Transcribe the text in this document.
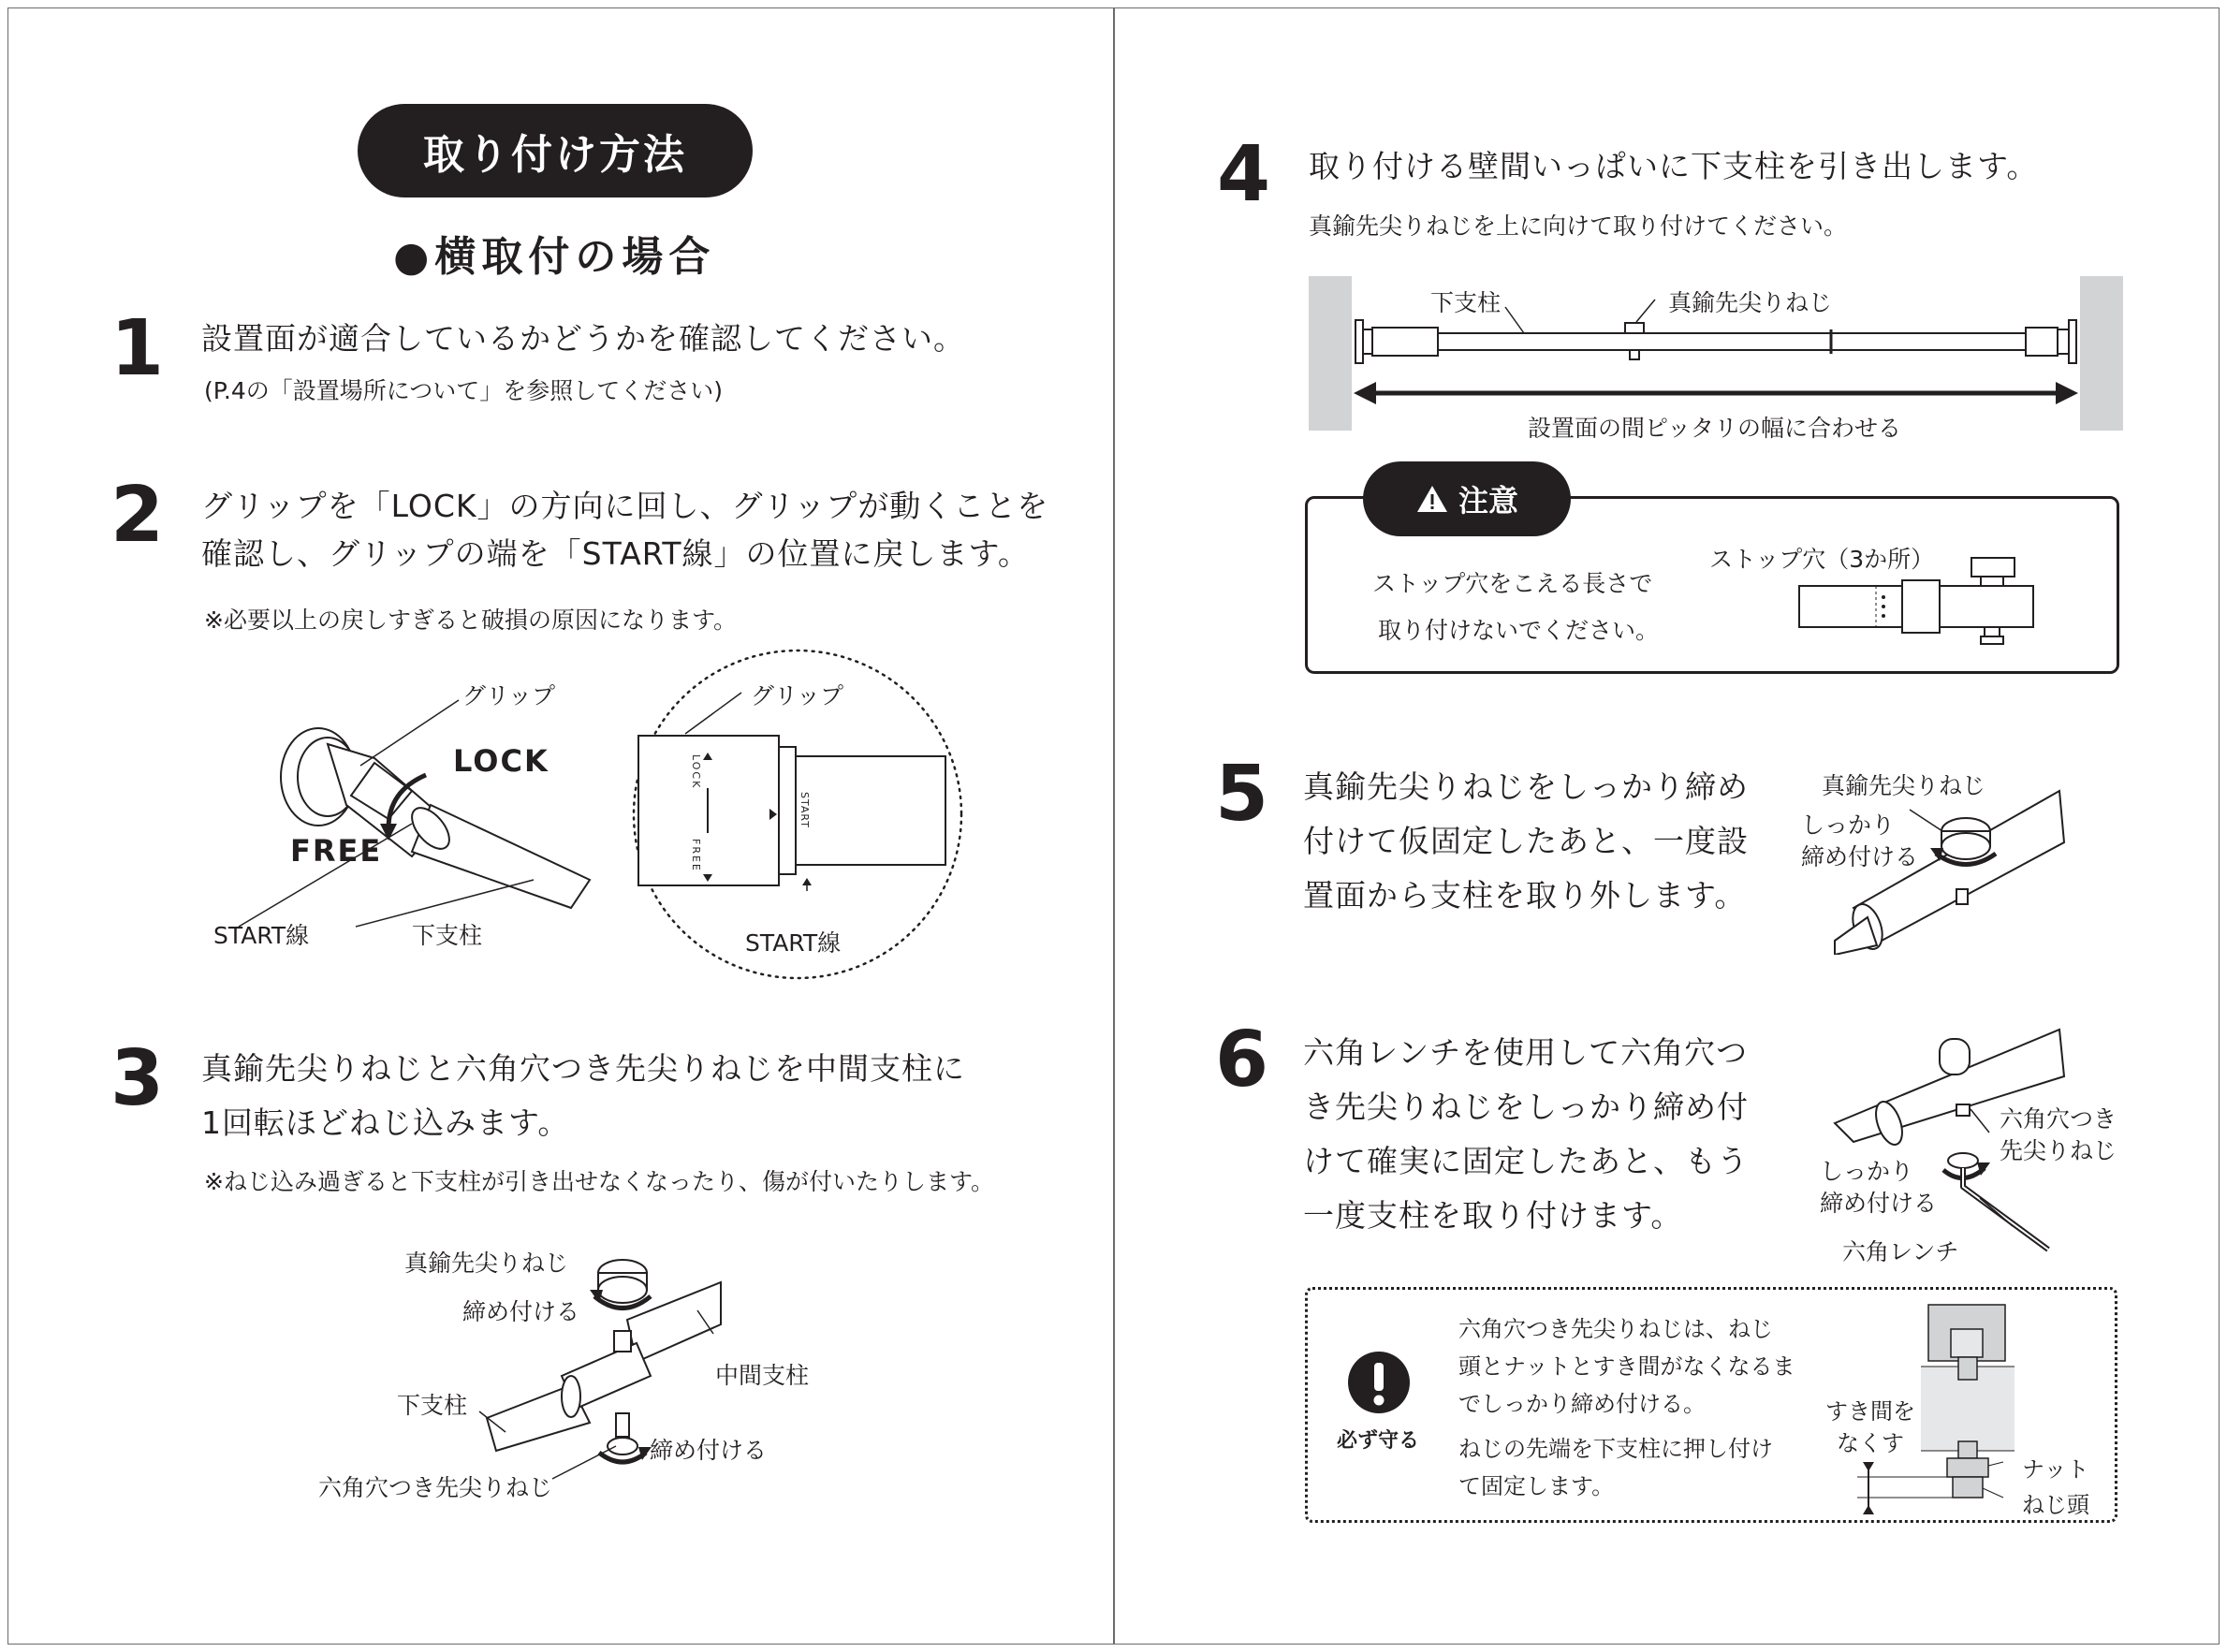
取り付け方法
●横取付の場合
1 設置面が適合しているかどうかを確認してください。
(P.4の「設置場所について」を参照してください)
2 グリップを「LOCK」の方向に回し、グリップが動くことを
確認し、グリップの端を「START線」の位置に戻します。
※必要以上の戻しすぎると破損の原因になります。
グリップ
LOCK
FREE
START線	下支柱
LOCK
FREE
START
グリップ
START線
3 真鍮先尖りねじと六角穴つき先尖りねじを中間支柱に
1回転ほどねじ込みます。
※ねじ込み過ぎると下支柱が引き出せなくなったり、傷が付いたりします。
真鍮先尖りねじ
締め付ける
中間支柱
下支柱
締め付ける
六角穴つき先尖りねじ
4 取り付ける壁間いっぱいに下支柱を引き出します。
真鍮先尖りねじを上に向けて取り付けてください。
下支柱	真鍮先尖りねじ
設置面の間ピッタリの幅に合わせる
注意
ストップ穴をこえる長さで
取り付けないでください。
ストップ穴（3か所）
5 真鍮先尖りねじをしっかり締め
付けて仮固定したあと、一度設
置面から支柱を取り外します。
真鍮先尖りねじ
しっかり
締め付ける
6 六角レンチを使用して六角穴つ
き先尖りねじをしっかり締め付
けて確実に固定したあと、もう
一度支柱を取り付けます。
六角穴つき
先尖りねじ
しっかり
締め付ける
六角レンチ
必ず守る
六角穴つき先尖りねじは、ねじ
頭とナットとすき間がなくなるま
でしっかり締め付ける。
ねじの先端を下支柱に押し付け
て固定します。
すき間を
なくす
ナット
ねじ頭
